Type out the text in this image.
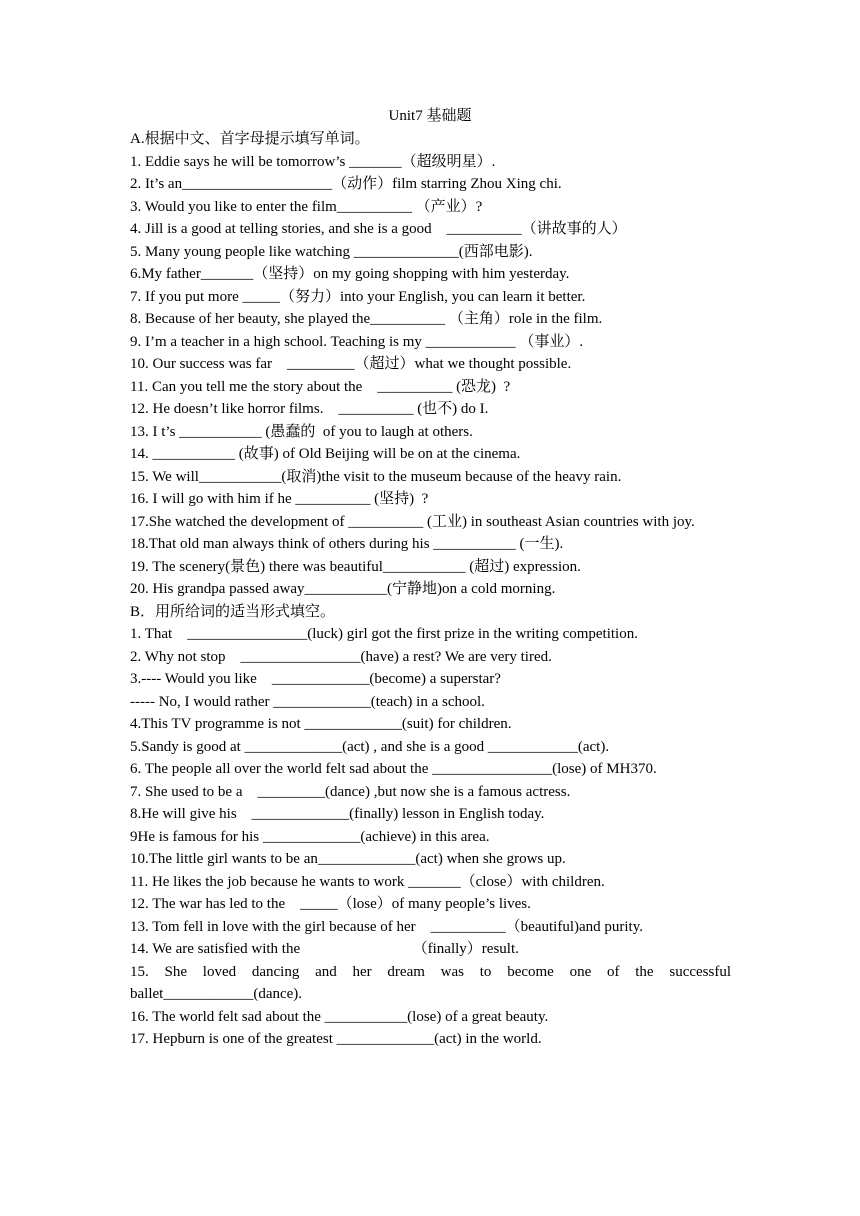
Unit7 基础题
A.根据中文、首字母提示填写单词。
1. Eddie says he will be tomorrow’s _______（超级明星）.
2. It’s an____________________（动作）film starring Zhou Xing chi.
3. Would you like to enter the film__________ （产业）?
4. Jill is a good at telling stories, and she is a good    __________（讲故事的人）
5. Many young people like watching ______________(西部电影).
6.My father_______（坚持）on my going shopping with him yesterday.
7. If you put more _____（努力）into your English, you can learn it better.
8. Because of her beauty, she played the__________ （主角）role in the film.
9. I’m a teacher in a high school. Teaching is my ____________ （事业）.
10. Our success was far    _________（超过）what we thought possible.
11. Can you tell me the story about the    __________ (恐龙)  ?
12. He doesn’t like horror films.    __________ (也不) do I.
13. I t’s ___________ (愚蠢的  of you to laugh at others.
14. ___________ (故事) of Old Beijing will be on at the cinema.
15. We will___________(取消)the visit to the museum because of the heavy rain.
16. I will go with him if he __________ (坚持)  ?
17.She watched the development of __________ (工业) in southeast Asian countries with joy.
18.That old man always think of others during his ___________ (一生).
19. The scenery(景色) there was beautiful___________ (超过) expression.
20. His grandpa passed away___________(宁静地)on a cold morning.
B．用所给词的适当形式填空。
1. That    ________________(luck) girl got the first prize in the writing competition.
2. Why not stop    ________________(have) a rest? We are very tired.
3.---- Would you like    _____________(become) a superstar?
----- No, I would rather _____________(teach) in a school.
4.This TV programme is not _____________(suit) for children.
5.Sandy is good at _____________(act) , and she is a good ____________(act).
6. The people all over the world felt sad about the ________________(lose) of MH370.
7. She used to be a    _________(dance) ,but now she is a famous actress.
8.He will give his    _____________(finally) lesson in English today.
9He is famous for his _____________(achieve) in this area.
10.The little girl wants to be an_____________(act) when she grows up.
11. He likes the job because he wants to work _______（close）with children.
12. The war has led to the    _____（lose）of many people’s lives.
13. Tom fell in love with the girl because of her    __________（beautiful)and purity.
14. We are satisfied with the                              （finally）result.
15. She loved dancing and her dream was to become one of the successful ballet____________(dance).
16. The world felt sad about the ___________(lose) of a great beauty.
17. Hepburn is one of the greatest _____________(act) in the world.
